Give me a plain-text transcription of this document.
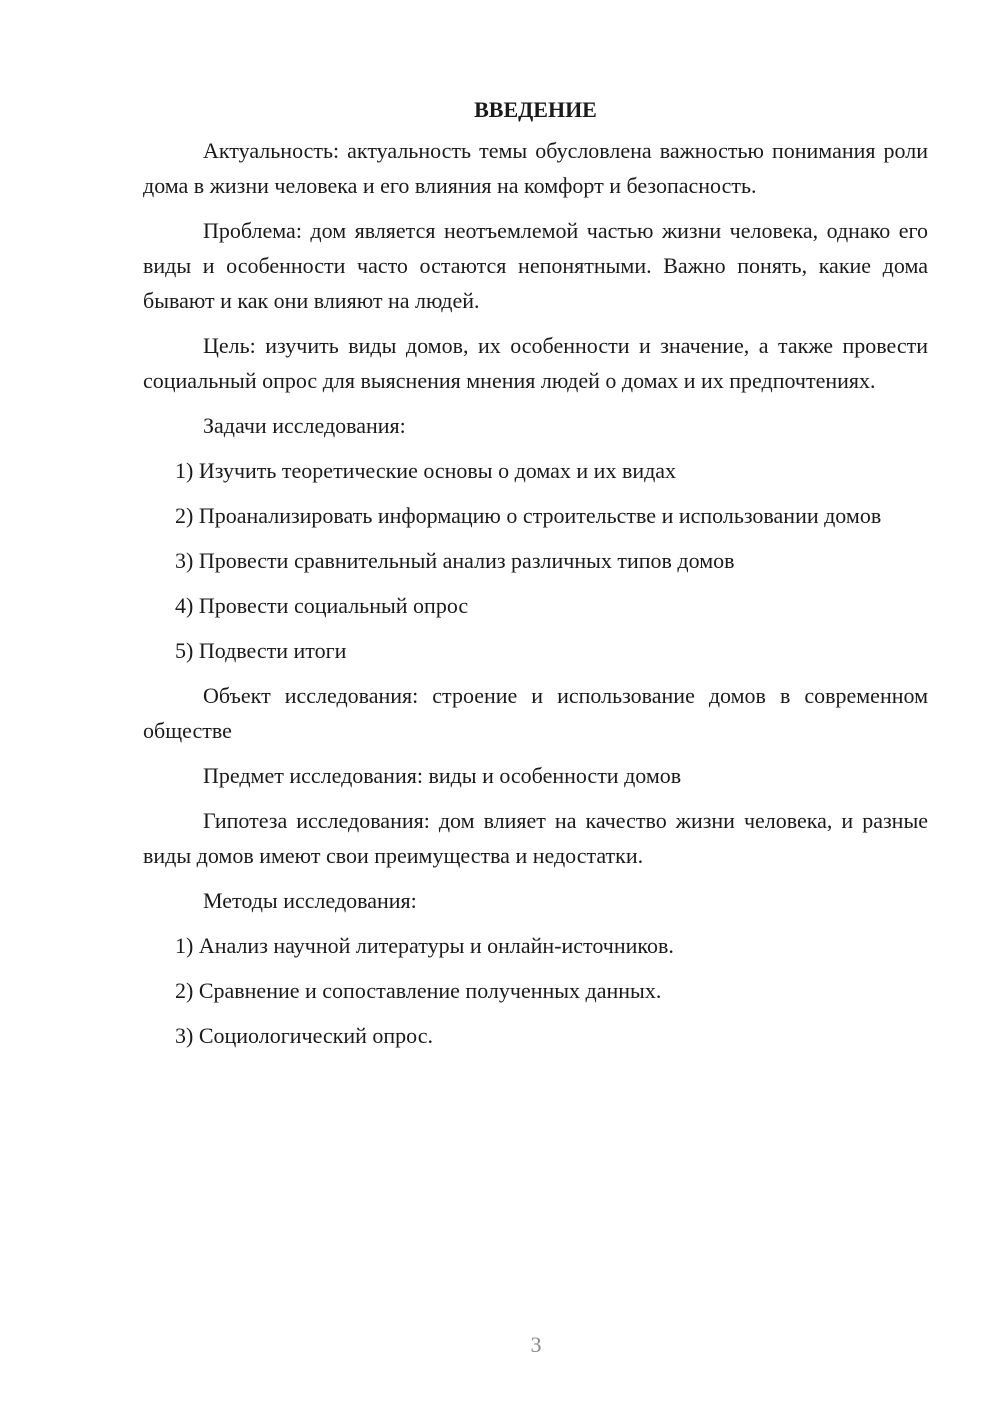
ВВЕДЕНИЕ
Актуальность: актуальность темы обусловлена важностью понимания роли дома в жизни человека и его влияния на комфорт и безопасность.
Проблема: дом является неотъемлемой частью жизни человека, однако его виды и особенности часто остаются непонятными. Важно понять, какие дома бывают и как они влияют на людей.
Цель: изучить виды домов, их особенности и значение, а также провести социальный опрос для выяснения мнения людей о домах и их предпочтениях.
Задачи исследования:
1) Изучить теоретические основы о домах и их видах
2) Проанализировать информацию о строительстве и использовании домов
3) Провести сравнительный анализ различных типов домов
4) Провести социальный опрос
5) Подвести итоги
Объект исследования: строение и использование домов в современном обществе
Предмет исследования: виды и особенности домов
Гипотеза исследования: дом влияет на качество жизни человека, и разные виды домов имеют свои преимущества и недостатки.
Методы исследования:
1) Анализ научной литературы и онлайн-источников.
2) Сравнение и сопоставление полученных данных.
3) Социологический опрос.
3
